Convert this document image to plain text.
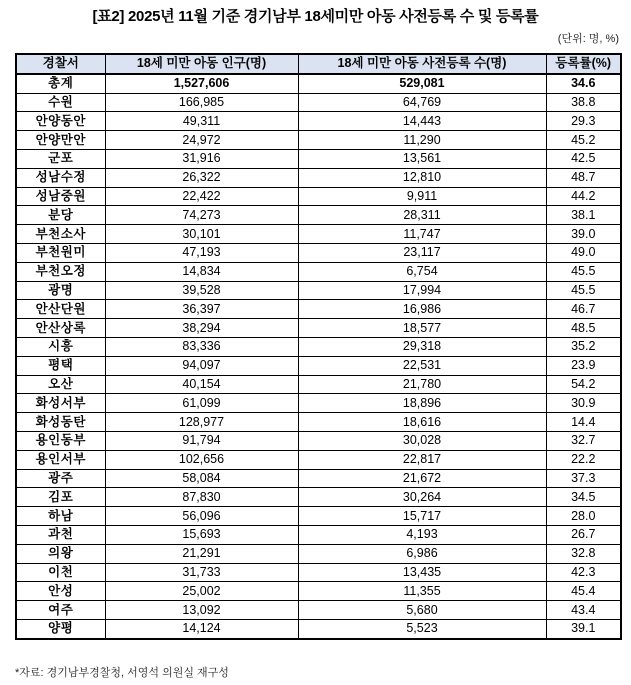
[표2] 2025년 11월 기준 경기남부 18세미만 아동 사전등록 수 및 등록률
(단위: 명, %)
경찰서	18세 미만 아동 인구(명)	18세 미만 아동 사전등록 수(명)	등록률(%)
총계	1,527,606	529,081	34.6
수원	166,985	64,769	38.8
안양동안	49,311	14,443	29.3
안양만안	24,972	11,290	45.2
군포	31,916	13,561	42.5
성남수정	26,322	12,810	48.7
성남중원	22,422	9,911	44.2
분당	74,273	28,311	38.1
부천소사	30,101	11,747	39.0
부천원미	47,193	23,117	49.0
부천오정	14,834	6,754	45.5
광명	39,528	17,994	45.5
안산단원	36,397	16,986	46.7
안산상록	38,294	18,577	48.5
시흥	83,336	29,318	35.2
평택	94,097	22,531	23.9
오산	40,154	21,780	54.2
화성서부	61,099	18,896	30.9
화성동탄	128,977	18,616	14.4
용인동부	91,794	30,028	32.7
용인서부	102,656	22,817	22.2
광주	58,084	21,672	37.3
김포	87,830	30,264	34.5
하남	56,096	15,717	28.0
과천	15,693	4,193	26.7
의왕	21,291	6,986	32.8
이천	31,733	13,435	42.3
안성	25,002	11,355	45.4
여주	13,092	5,680	43.4
양평	14,124	5,523	39.1
*자료: 경기남부경찰청, 서영석 의원실 재구성
